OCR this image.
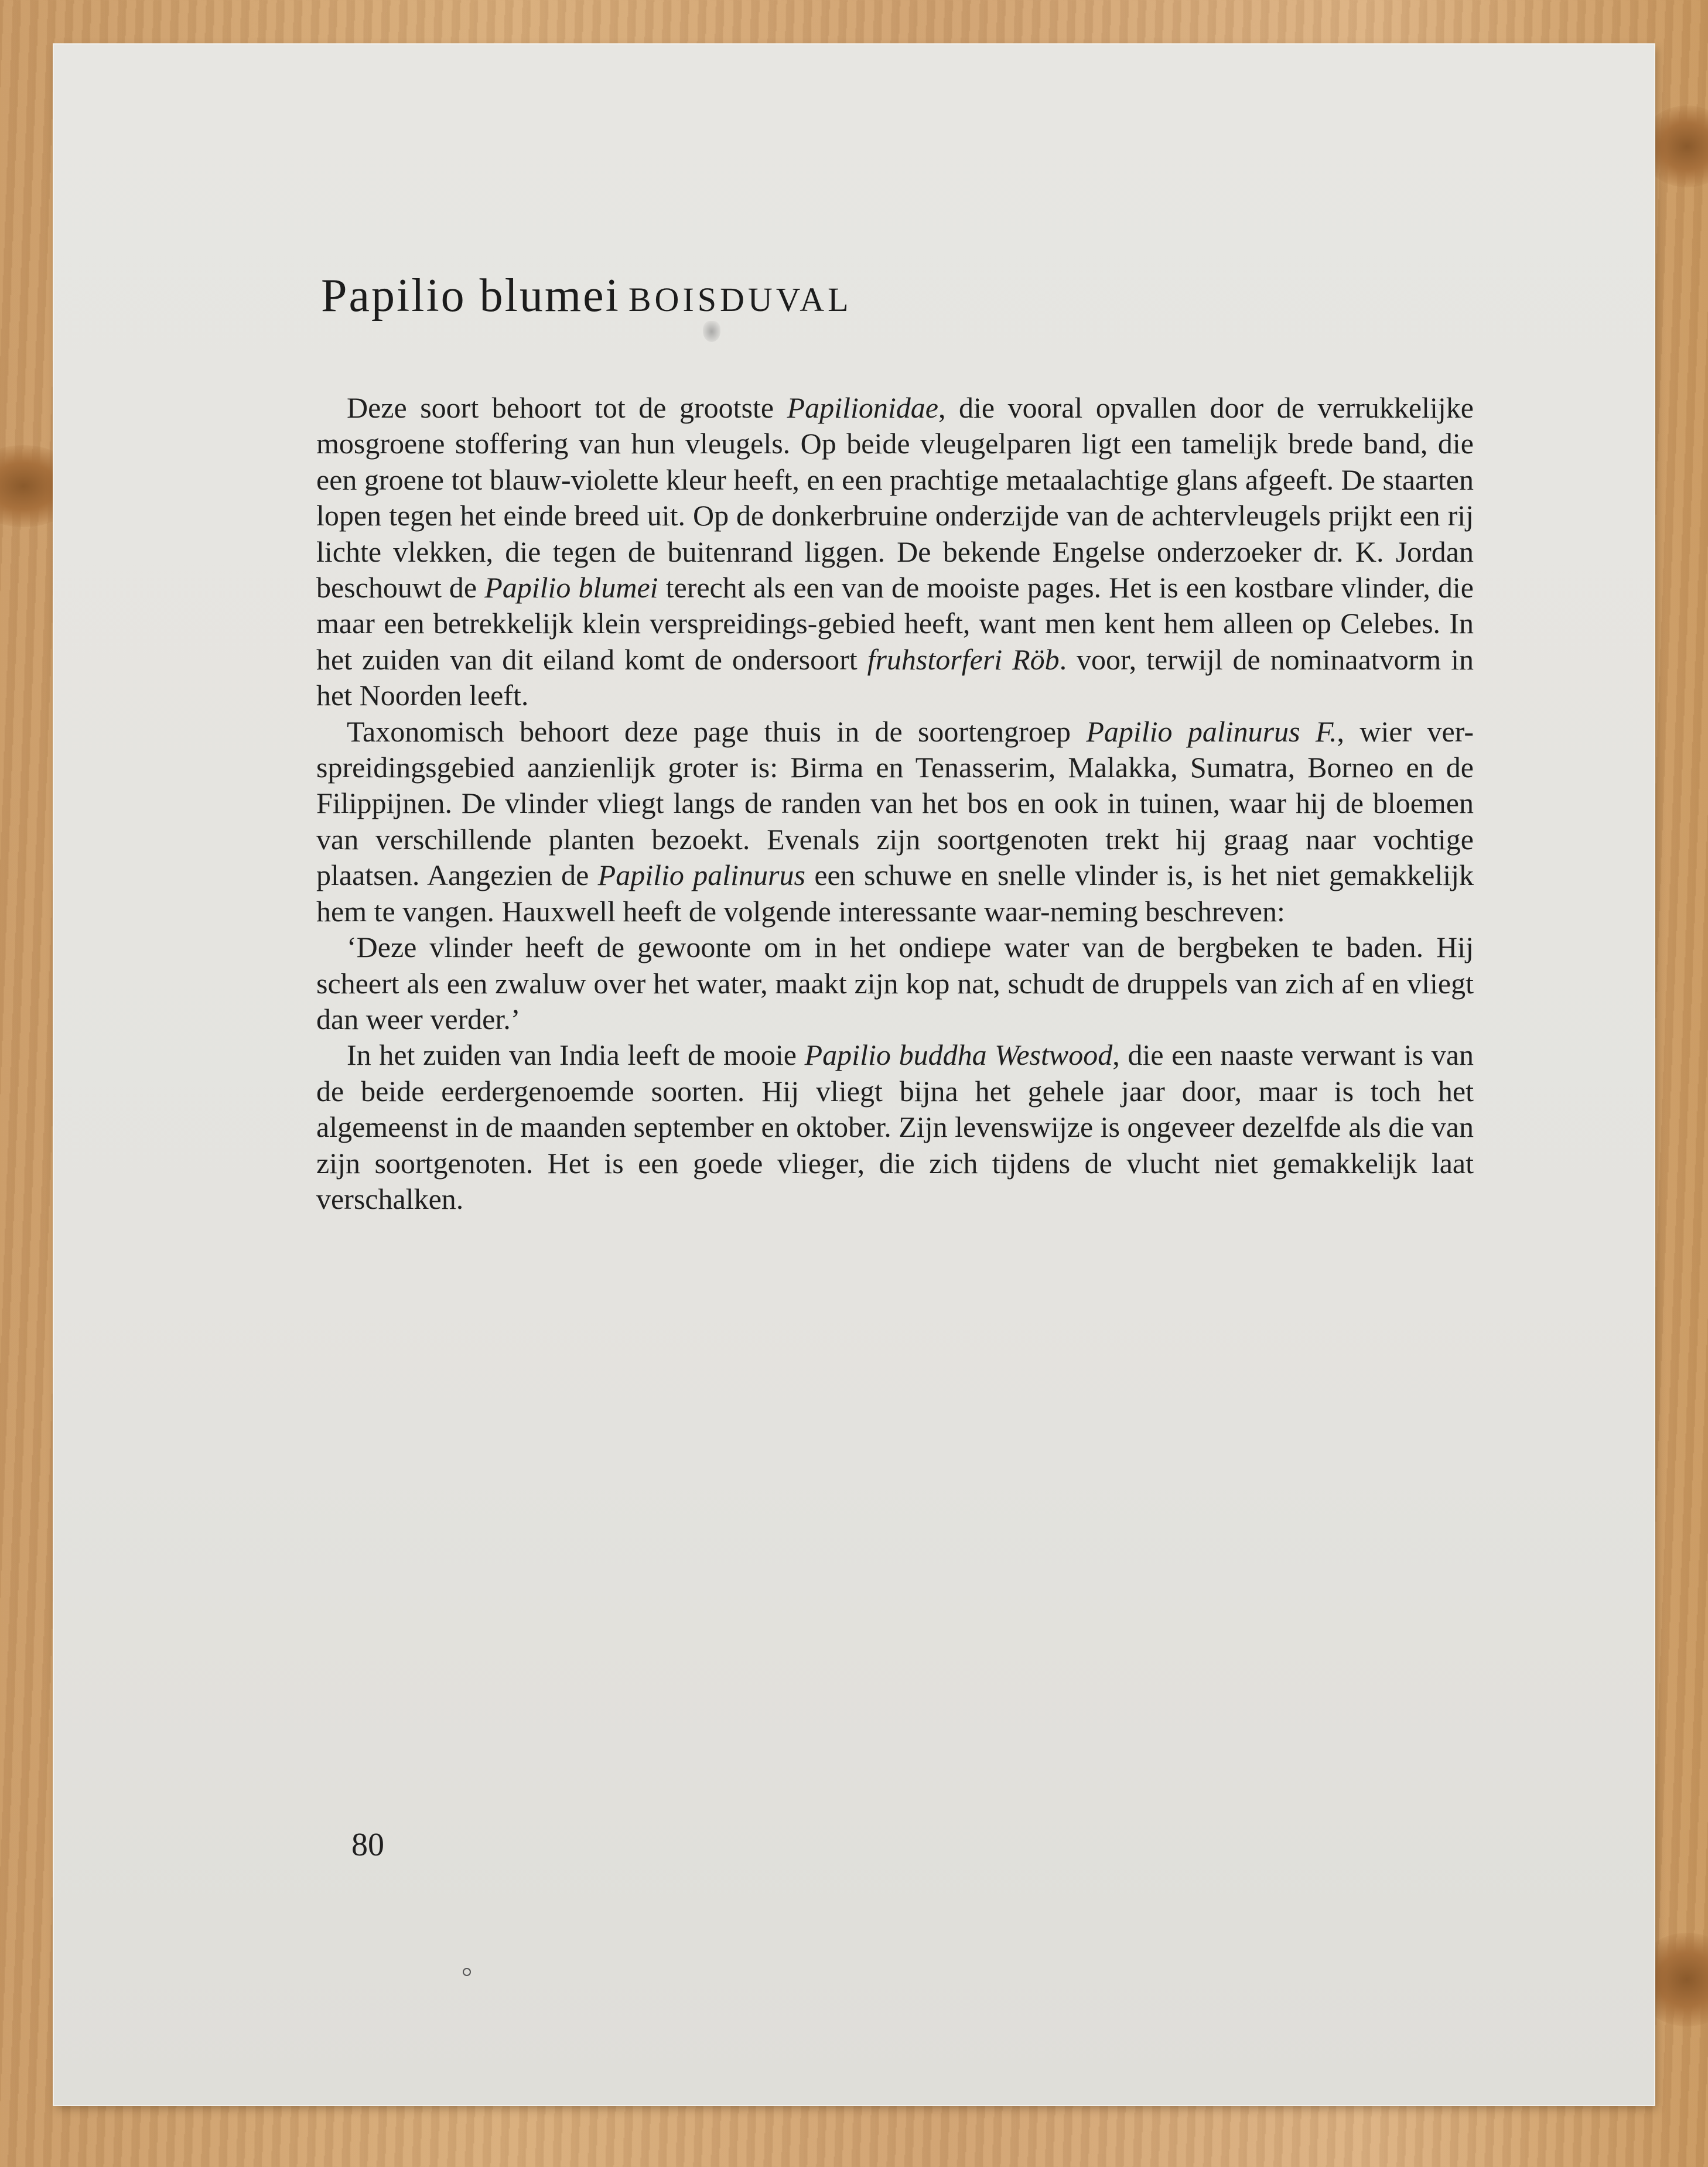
Papilio blumei BOISDUVAL

Deze soort behoort tot de grootste Papilionidae, die vooral opvallen door de verrukkelijke mosgroene stoffering van hun vleugels. Op beide vleugelparen ligt een tamelijk brede band, die een groene tot blauw-violette kleur heeft, en een prachtige metaalachtige glans afgeeft. De staarten lopen tegen het einde breed uit. Op de donkerbruine onderzijde van de achtervleugels prijkt een rij lichte vlekken, die tegen de buitenrand liggen. De bekende Engelse onderzoeker dr. K. Jordan beschouwt de Papilio blumei terecht als een van de mooiste pages. Het is een kostbare vlinder, die maar een betrekkelijk klein verspreidings-gebied heeft, want men kent hem alleen op Celebes. In het zuiden van dit eiland komt de ondersoort fruhstorferi Röb. voor, terwijl de nominaatvorm in het Noorden leeft.

Taxonomisch behoort deze page thuis in de soortengroep Papilio palinurus F., wier ver-spreidingsgebied aanzienlijk groter is: Birma en Tenasserim, Malakka, Sumatra, Borneo en de Filippijnen. De vlinder vliegt langs de randen van het bos en ook in tuinen, waar hij de bloemen van verschillende planten bezoekt. Evenals zijn soortgenoten trekt hij graag naar vochtige plaatsen. Aangezien de Papilio palinurus een schuwe en snelle vlinder is, is het niet gemakkelijk hem te vangen. Hauxwell heeft de volgende interessante waar-neming beschreven:

‘Deze vlinder heeft de gewoonte om in het ondiepe water van de bergbeken te baden. Hij scheert als een zwaluw over het water, maakt zijn kop nat, schudt de druppels van zich af en vliegt dan weer verder.’

In het zuiden van India leeft de mooie Papilio buddha Westwood, die een naaste verwant is van de beide eerdergenoemde soorten. Hij vliegt bijna het gehele jaar door, maar is toch het algemeenst in de maanden september en oktober. Zijn levenswijze is ongeveer dezelfde als die van zijn soortgenoten. Het is een goede vlieger, die zich tijdens de vlucht niet gemakkelijk laat verschalken.

80
